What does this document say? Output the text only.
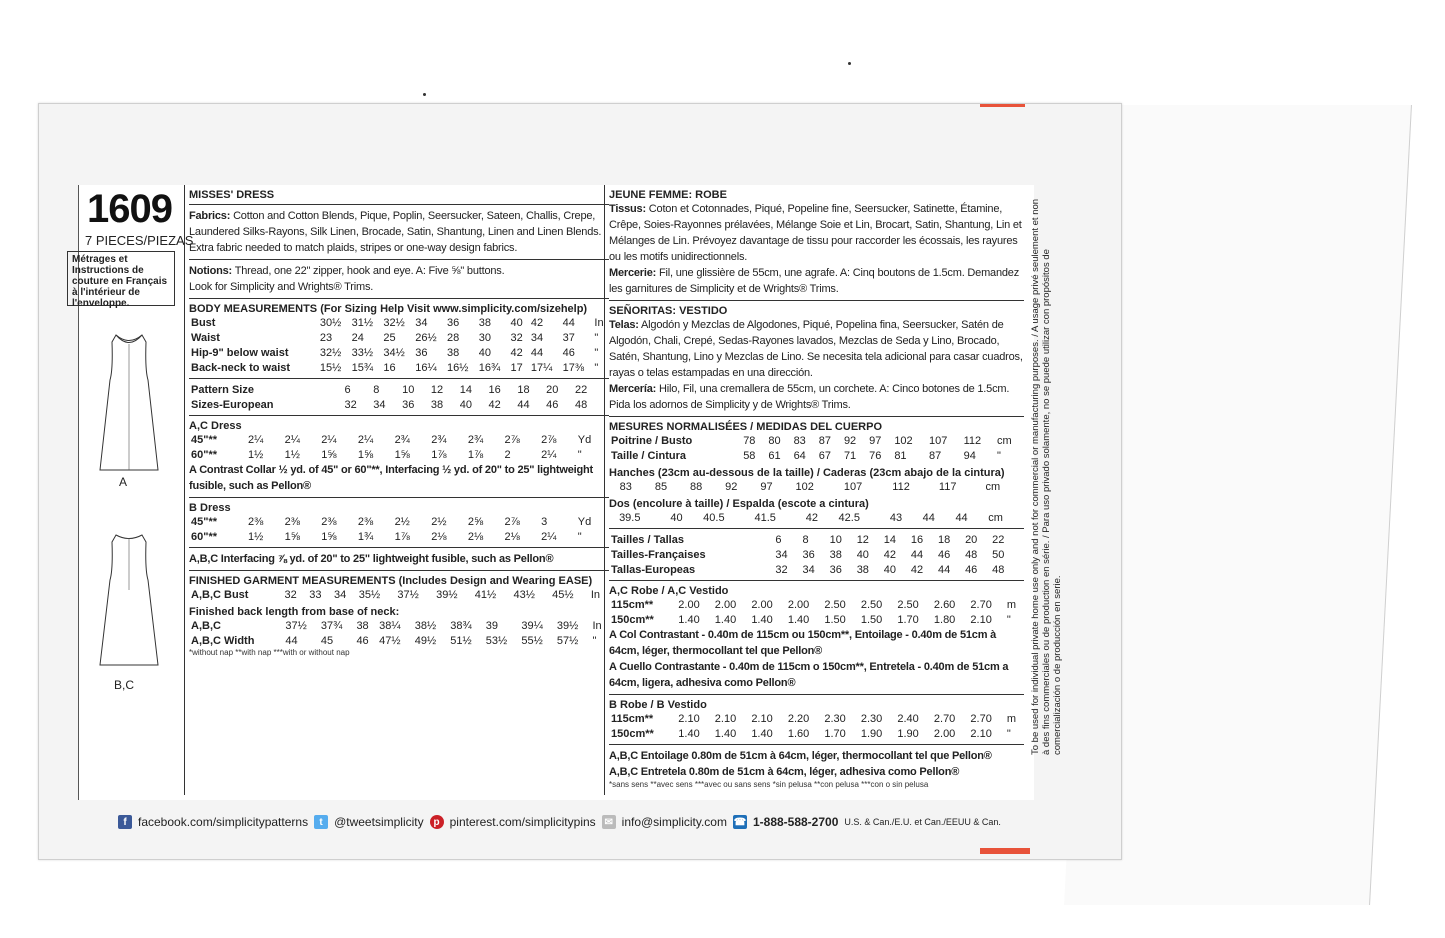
1609
7 PIECES/PIEZAS
Métrages et Instructions de couture en Français à l'intérieur de l'enveloppe.
A
B,C
MISSES' DRESS
Fabrics: Cotton and Cotton Blends, Pique, Poplin, Seersucker, Sateen, Challis, Crepe, Laundered Silks-Rayons, Silk Linen, Brocade, Satin, Shantung, Linen and Linen Blends. Extra fabric needed to match plaids, stripes or one-way design fabrics.
Notions: Thread, one 22" zipper, hook and eye. A: Five ⅝" buttons.
Look for Simplicity and Wrights® Trims.
BODY MEASUREMENTS (For Sizing Help Visit www.simplicity.com/sizehelp)
Bust	30½	31½	32½	34	36	38	40	42	44	In
Waist	23	24	25	26½	28	30	32	34	37	"
Hip-9" below waist	32½	33½	34½	36	38	40	42	44	46	"
Back-neck to waist	15½	15¾	16	16¼	16½	16¾	17	17¼	17⅜	"
Pattern Size	6	8	10	12	14	16	18	20	22	
Sizes-European	32	34	36	38	40	42	44	46	48	
A,C Dress
45"**	2¼	2¼	2¼	2¼	2¾	2¾	2¾	2⅞	2⅞	Yd
60"**	1½	1½	1⅝	1⅝	1⅝	1⅞	1⅞	2	2¼	"
A Contrast Collar ½ yd. of 45" or 60"**, Interfacing ½ yd. of 20" to 25" lightweight fusible, such as Pellon®
B Dress
45"**	2⅜	2⅜	2⅜	2⅜	2½	2½	2⅝	2⅞	3	Yd
60"**	1½	1⅝	1⅝	1¾	1⅞	2⅛	2⅛	2⅛	2¼	"
A,B,C Interfacing ⅞ yd. of 20" to 25" lightweight fusible, such as Pellon®
FINISHED GARMENT MEASUREMENTS (Includes Design and Wearing EASE)
A,B,C Bust	32	33	34	35½	37½	39½	41½	43½	45½	In
Finished back length from base of neck:
A,B,C	37½	37¾	38	38¼	38½	38¾	39	39¼	39½	In
A,B,C Width	44	45	46	47½	49½	51½	53½	55½	57½	"
*without nap **with nap ***with or without nap
JEUNE FEMME: ROBE
Tissus: Coton et Cotonnades, Piqué, Popeline fine, Seersucker, Satinette, Étamine, Crêpe, Soies-Rayonnes prélavées, Mélange Soie et Lin, Brocart, Satin, Shantung, Lin et Mélanges de Lin. Prévoyez davantage de tissu pour raccorder les écossais, les rayures ou les motifs unidirectionnels.
Mercerie: Fil, une glissière de 55cm, une agrafe. A: Cinq boutons de 1.5cm. Demandez les garnitures de Simplicity et de Wrights® Trims.
SEÑORITAS: VESTIDO
Telas: Algodón y Mezclas de Algodones, Piqué, Popelina fina, Seersucker, Satén de Algodón, Chali, Crepé, Sedas-Rayones lavados, Mezclas de Seda y Lino, Brocado, Satén, Shantung, Lino y Mezclas de Lino. Se necesita tela adicional para casar cuadros, rayas o telas estampadas en una dirección.
Mercería: Hilo, Fil, una cremallera de 55cm, un corchete. A: Cinco botones de 1.5cm. Pida los adornos de Simplicity y de Wrights® Trims.
MESURES NORMALISÉES / MEDIDAS DEL CUERPO
Poitrine / Busto	78	80	83	87	92	97	102	107	112	cm
Taille / Cintura	58	61	64	67	71	76	81	87	94	"
Hanches (23cm au-dessous de la taille) / Caderas (23cm abajo de la cintura)
	83	85	88	92	97	102	107	112	117	cm
Dos (encolure à taille) / Espalda (escote a cintura)
	39.5	40	40.5	41.5	42	42.5	43	44	44	cm
Tailles / Tallas	6	8	10	12	14	16	18	20	22	
Tailles-Françaises	34	36	38	40	42	44	46	48	50	
Tallas-Europeas	32	34	36	38	40	42	44	46	48	
A,C Robe / A,C Vestido
115cm**	2.00	2.00	2.00	2.00	2.50	2.50	2.50	2.60	2.70	m
150cm**	1.40	1.40	1.40	1.40	1.50	1.50	1.70	1.80	2.10	"
A Col Contrastant - 0.40m de 115cm ou 150cm**, Entoilage - 0.40m de 51cm à 64cm, léger, thermocollant tel que Pellon®
A Cuello Contrastante - 0.40m de 115cm o 150cm**, Entretela - 0.40m de 51cm a 64cm, ligera, adhesiva como Pellon®
B Robe / B Vestido
115cm**	2.10	2.10	2.10	2.20	2.30	2.30	2.40	2.70	2.70	m
150cm**	1.40	1.40	1.40	1.60	1.70	1.90	1.90	2.00	2.10	"
A,B,C Entoilage 0.80m de 51cm à 64cm, léger, thermocollant tel que Pellon®
A,B,C Entretela 0.80m de 51cm à 64cm, léger, adhesiva como Pellon®
*sans sens **avec sens ***avec ou sans sens *sin pelusa **con pelusa ***con o sin pelusa
To be used for individual private home use only and not for commercial or manufacturing purposes. / A usage privé seulement et non à des fins commerciales ou de production en série. / Para uso privado solamente, no se puede utilizar con propósitos de comercialización o de producción en serie.
f facebook.com/simplicitypatterns	t @tweetsimplicity p pinterest.com/simplicitypins ✉ info@simplicity.com ☎ 1-888-588-2700 U.S. & Can./E.U. et Can./EEUU & Can.
